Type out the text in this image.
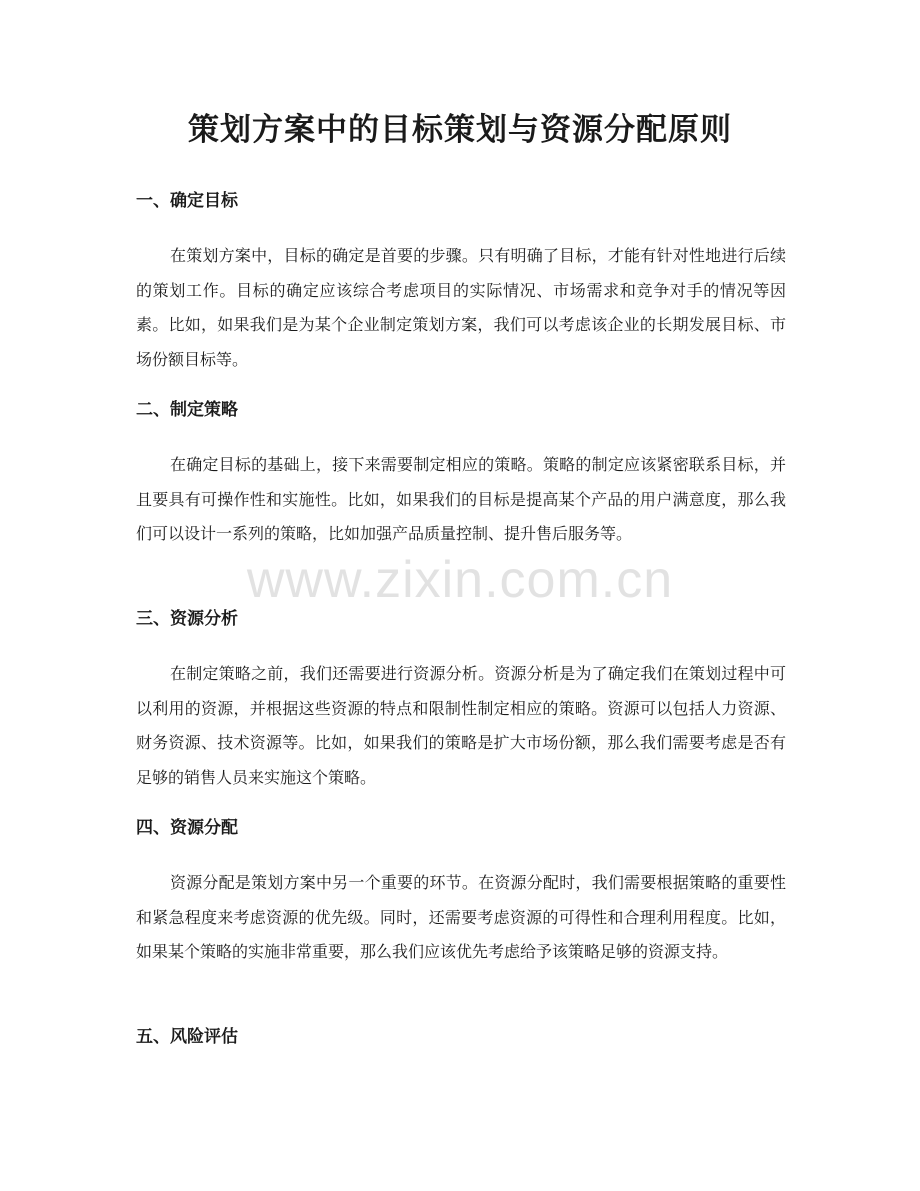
策划方案中的目标策划与资源分配原则
www.zixin.com.cn
一、确定目标

在策划方案中，目标的确定是首要的步骤。只有明确了目标，才能有针对性地进行后续的策划工作。目标的确定应该综合考虑项目的实际情况、市场需求和竞争对手的情况等因素。比如，如果我们是为某个企业制定策划方案，我们可以考虑该企业的长期发展目标、市场份额目标等。

二、制定策略

在确定目标的基础上，接下来需要制定相应的策略。策略的制定应该紧密联系目标，并且要具有可操作性和实施性。比如，如果我们的目标是提高某个产品的用户满意度，那么我们可以设计一系列的策略，比如加强产品质量控制、提升售后服务等。

三、资源分析

在制定策略之前，我们还需要进行资源分析。资源分析是为了确定我们在策划过程中可以利用的资源，并根据这些资源的特点和限制性制定相应的策略。资源可以包括人力资源、财务资源、技术资源等。比如，如果我们的策略是扩大市场份额，那么我们需要考虑是否有足够的销售人员来实施这个策略。

四、资源分配

资源分配是策划方案中另一个重要的环节。在资源分配时，我们需要根据策略的重要性和紧急程度来考虑资源的优先级。同时，还需要考虑资源的可得性和合理利用程度。比如，如果某个策略的实施非常重要，那么我们应该优先考虑给予该策略足够的资源支持。

五、风险评估
